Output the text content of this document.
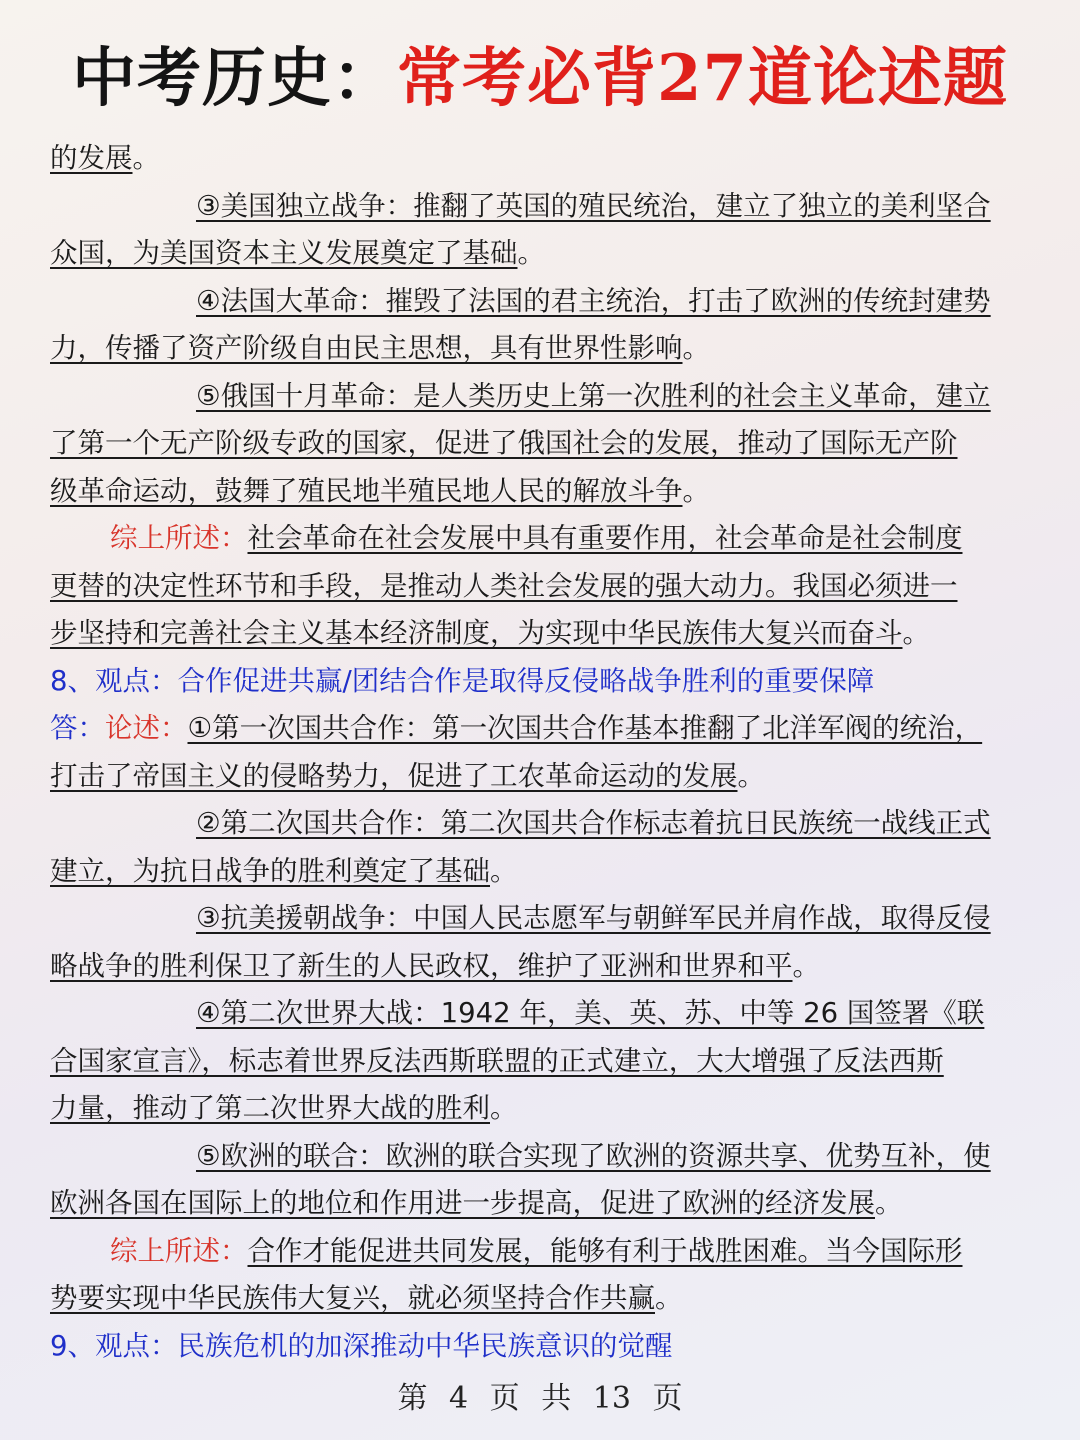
中考历史：常考必背27道论述题
的发展。
③美国独立战争：推翻了英国的殖民统治，建立了独立的美利坚合
众国，为美国资本主义发展奠定了基础。
④法国大革命：摧毁了法国的君主统治，打击了欧洲的传统封建势
力，传播了资产阶级自由民主思想，具有世界性影响。
⑤俄国十月革命：是人类历史上第一次胜利的社会主义革命，建立
了第一个无产阶级专政的国家，促进了俄国社会的发展，推动了国际无产阶
级革命运动，鼓舞了殖民地半殖民地人民的解放斗争。
综上所述：社会革命在社会发展中具有重要作用，社会革命是社会制度
更替的决定性环节和手段，是推动人类社会发展的强大动力。我国必须进一
步坚持和完善社会主义基本经济制度，为实现中华民族伟大复兴而奋斗。
8、观点：合作促进共赢/团结合作是取得反侵略战争胜利的重要保障
答：论述：①第一次国共合作：第一次国共合作基本推翻了北洋军阀的统治，
打击了帝国主义的侵略势力，促进了工农革命运动的发展。
②第二次国共合作：第二次国共合作标志着抗日民族统一战线正式
建立，为抗日战争的胜利奠定了基础。
③抗美援朝战争：中国人民志愿军与朝鲜军民并肩作战，取得反侵
略战争的胜利保卫了新生的人民政权，维护了亚洲和世界和平。
④第二次世界大战：1942 年，美、英、苏、中等 26 国签署《联
合国家宣言》，标志着世界反法西斯联盟的正式建立，大大增强了反法西斯
力量，推动了第二次世界大战的胜利。
⑤欧洲的联合：欧洲的联合实现了欧洲的资源共享、优势互补，使
欧洲各国在国际上的地位和作用进一步提高，促进了欧洲的经济发展。
综上所述：合作才能促进共同发展，能够有利于战胜困难。当今国际形
势要实现中华民族伟大复兴，就必须坚持合作共赢。
9、观点：民族危机的加深推动中华民族意识的觉醒
第 4 页 共 13 页
